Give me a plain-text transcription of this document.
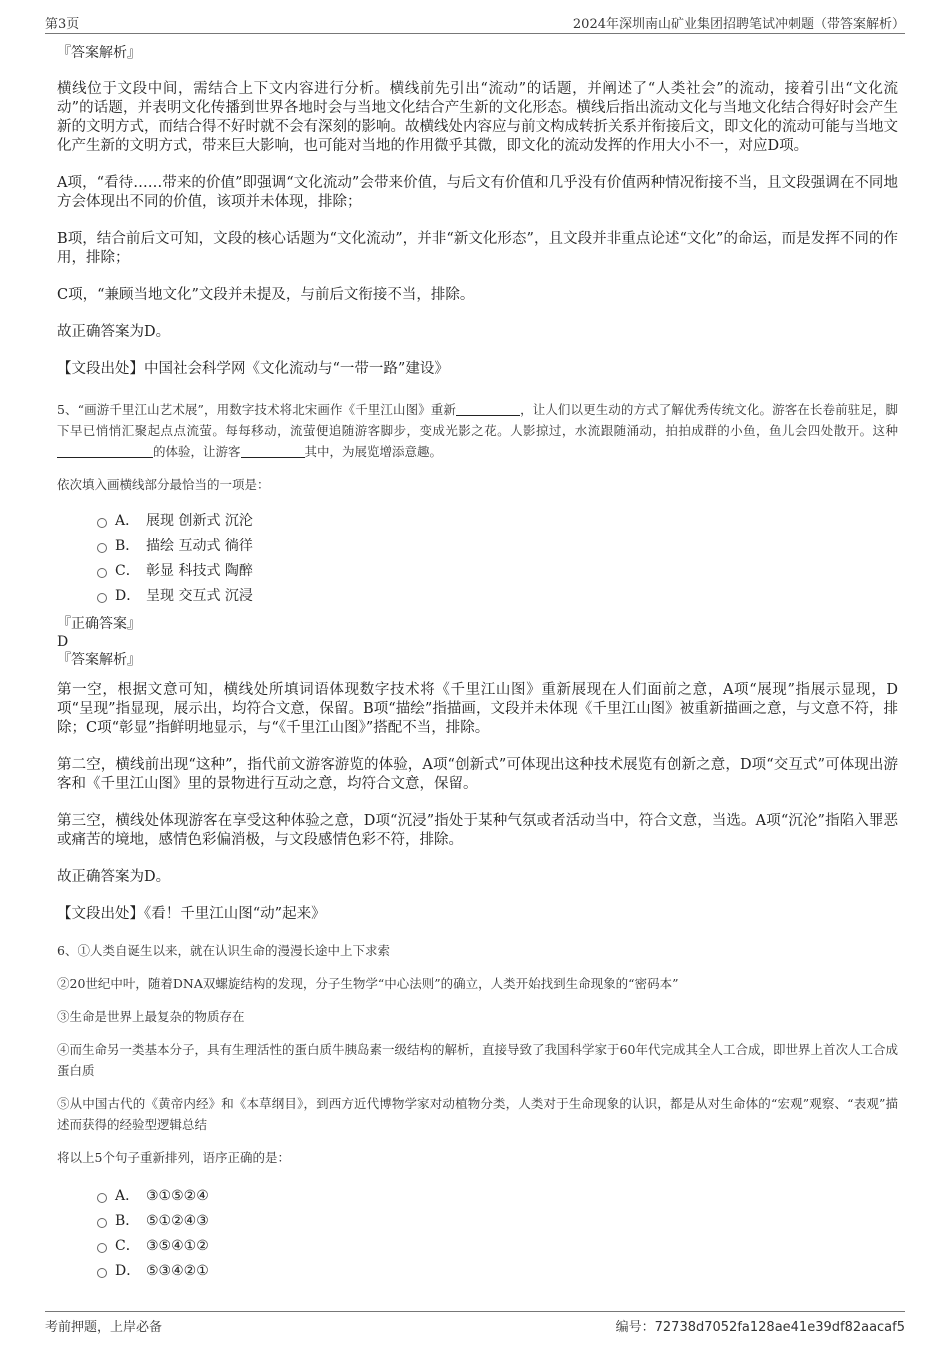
第3页	2024年深圳南山矿业集团招聘笔试冲刺题（带答案解析）

『答案解析』

横线位于文段中间，需结合上下文内容进行分析。横线前先引出“流动”的话题，并阐述了“人类社会”的流动，接着引出“文化流动”的话题，并表明文化传播到世界各地时会与当地文化结合产生新的文化形态。横线后指出流动文化与当地文化结合得好时会产生新的文明方式，而结合得不好时就不会有深刻的影响。故横线处内容应与前文构成转折关系并衔接后文，即文化的流动可能与当地文化产生新的文明方式，带来巨大影响，也可能对当地的作用微乎其微，即文化的流动发挥的作用大小不一，对应D项。

A项，“看待……带来的价值”即强调“文化流动”会带来价值，与后文有价值和几乎没有价值两种情况衔接不当，且文段强调在不同地方会体现出不同的价值，该项并未体现，排除；

B项，结合前后文可知，文段的核心话题为“文化流动”，并非“新文化形态”，且文段并非重点论述“文化”的命运，而是发挥不同的作用，排除；

C项，“兼顾当地文化”文段并未提及，与前后文衔接不当，排除。

故正确答案为D。

【文段出处】中国社会科学网《文化流动与“一带一路”建设》

5、“画游千里江山艺术展”，用数字技术将北宋画作《千里江山图》重新	，让人们以更生动的方式了解优秀传统文化。游客在长卷前驻足，脚下早已悄悄汇聚起点点流萤。每每移动，流萤便追随游客脚步，变成光影之花。人影掠过，水流跟随涌动，拍拍成群的小鱼，鱼儿会四处散开。这种的体验，让游客	其中，为展览增添意趣。

依次填入画横线部分最恰当的一项是：

A． 展现 创新式 沉沦
B． 描绘 互动式 徜徉
C． 彰显 科技式 陶醉
D． 呈现 交互式 沉浸

『正确答案』

D

『答案解析』

第一空，根据文意可知，横线处所填词语体现数字技术将《千里江山图》重新展现在人们面前之意，A项“展现”指展示显现，D项“呈现”指显现，展示出，均符合文意，保留。B项“描绘”指描画，文段并未体现《千里江山图》被重新描画之意，与文意不符，排除；C项“彰显”指鲜明地显示，与“《千里江山图》”搭配不当，排除。

第二空，横线前出现“这种”，指代前文游客游览的体验，A项“创新式”可体现出这种技术展览有创新之意，D项“交互式”可体现出游客和《千里江山图》里的景物进行互动之意，均符合文意，保留。

第三空，横线处体现游客在享受这种体验之意，D项“沉浸”指处于某种气氛或者活动当中，符合文意，当选。A项“沉沦”指陷入罪恶或痛苦的境地，感情色彩偏消极，与文段感情色彩不符，排除。

故正确答案为D。

【文段出处】《看！千里江山图“动”起来》

6、①人类自诞生以来，就在认识生命的漫漫长途中上下求索

②20世纪中叶，随着DNA双螺旋结构的发现，分子生物学“中心法则”的确立，人类开始找到生命现象的“密码本”

③生命是世界上最复杂的物质存在

④而生命另一类基本分子，具有生理活性的蛋白质牛胰岛素一级结构的解析，直接导致了我国科学家于60年代完成其全人工合成，即世界上首次人工合成蛋白质

⑤从中国古代的《黄帝内经》和《本草纲目》，到西方近代博物学家对动植物分类，人类对于生命现象的认识，都是从对生命体的“宏观”观察、“表观”描述而获得的经验型逻辑总结

将以上5个句子重新排列，语序正确的是：

A． ③①⑤②④
B． ⑤①②④③
C． ③⑤④①②
D． ⑤③④②①
考前押题，上岸必备	编号：72738d7052fa128ae41e39df82aacaf5
